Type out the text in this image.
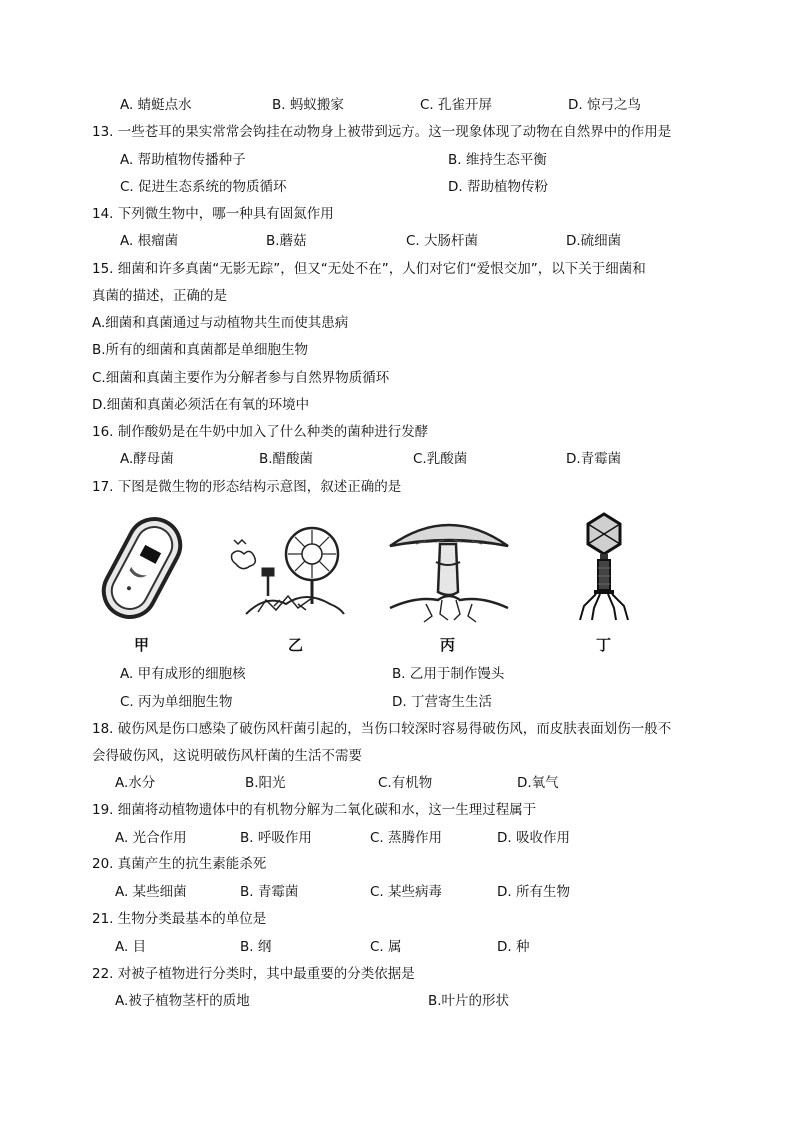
A. 蜻蜓点水	B. 蚂蚁搬家	C. 孔雀开屏	D. 惊弓之鸟
13. 一些苍耳的果实常常会钩挂在动物身上被带到远方。这一现象体现了动物在自然界中的作用是
A. 帮助植物传播种子	B. 维持生态平衡
C. 促进生态系统的物质循环	D. 帮助植物传粉
14. 下列微生物中，哪一种具有固氮作用
A. 根瘤菌	B.蘑菇	C. 大肠杆菌	D.硫细菌
15. 细菌和许多真菌“无影无踪”，但又“无处不在”，人们对它们“爱恨交加”，以下关于细菌和
真菌的描述，正确的是
A.细菌和真菌通过与动植物共生而使其患病
B.所有的细菌和真菌都是单细胞生物
C.细菌和真菌主要作为分解者参与自然界物质循环
D.细菌和真菌必须活在有氧的环境中
16. 制作酸奶是在牛奶中加入了什么种类的菌种进行发酵
A.酵母菌	B.醋酸菌	C.乳酸菌	D.青霉菌
17. 下图是微生物的形态结构示意图，叙述正确的是
甲	乙	丙	丁
A. 甲有成形的细胞核	B. 乙用于制作馒头
C. 丙为单细胞生物	D. 丁营寄生生活
18. 破伤风是伤口感染了破伤风杆菌引起的，当伤口较深时容易得破伤风，而皮肤表面划伤一般不
会得破伤风，这说明破伤风杆菌的生活不需要
A.水分	B.阳光	C.有机物	D.氧气
19. 细菌将动植物遗体中的有机物分解为二氧化碳和水，这一生理过程属于
A. 光合作用	B. 呼吸作用	C. 蒸腾作用	D. 吸收作用
20. 真菌产生的抗生素能杀死
A. 某些细菌	B. 青霉菌	C. 某些病毒	D. 所有生物
21. 生物分类最基本的单位是
A. 目	B. 纲	C. 属	D. 种
22. 对被子植物进行分类时，其中最重要的分类依据是
A.被子植物茎杆的质地	B.叶片的形状
